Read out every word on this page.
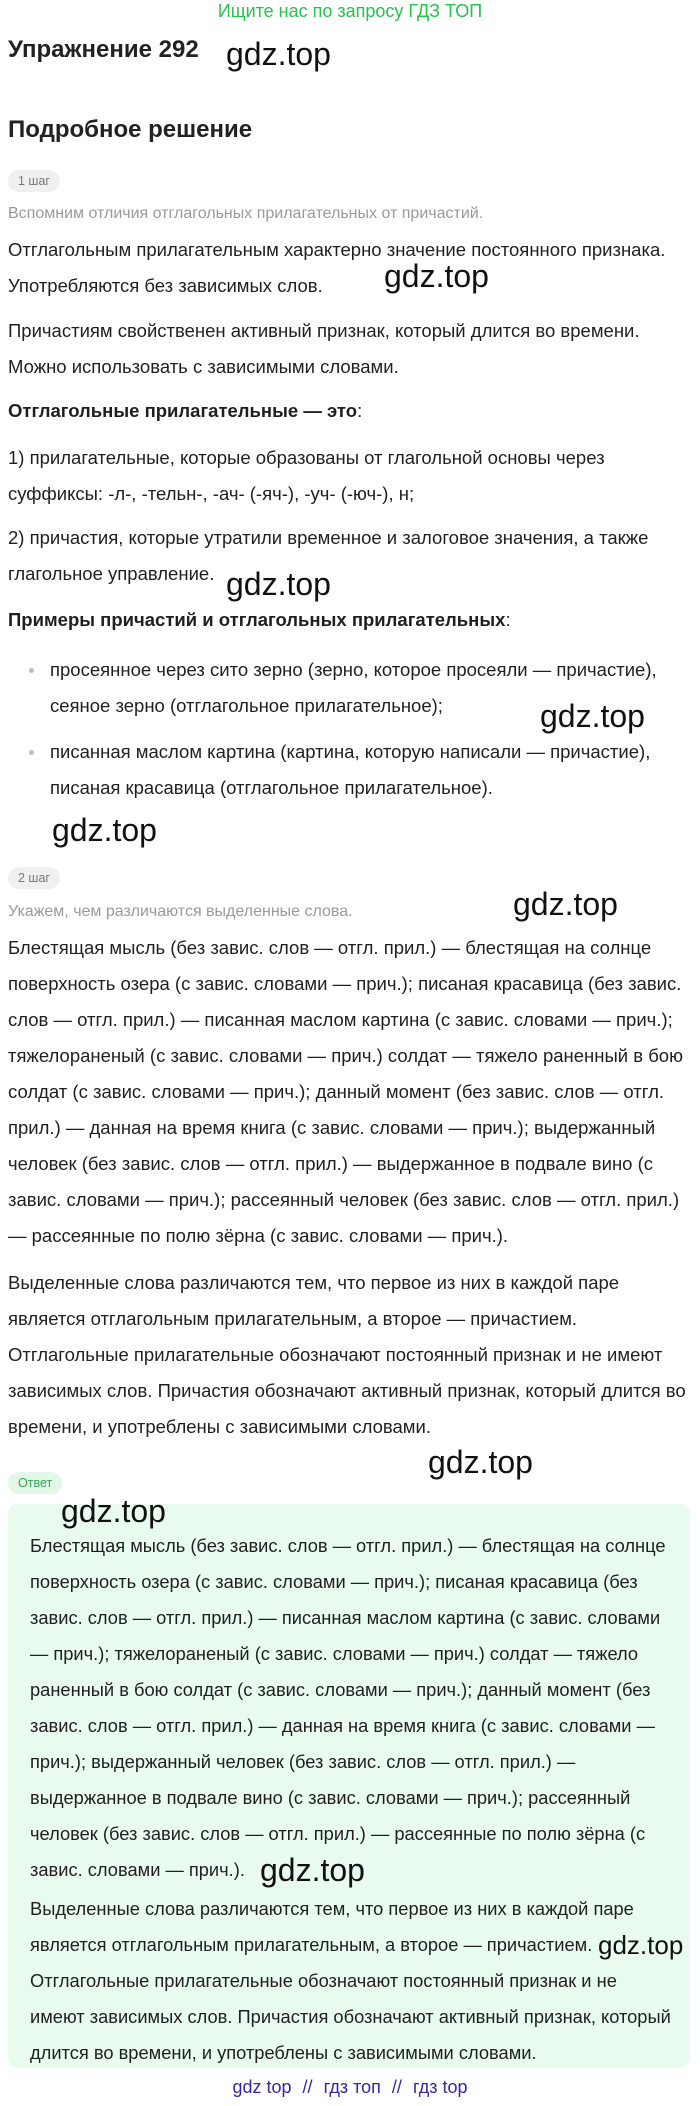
Ищите нас по запросу ГДЗ ТОП
Упражнение 292 gdz.top
Подробное решение
1 шаг
Вспомним отличия отглагольных прилагательных от причастий.
Отглагольным прилагательным характерно значение постоянного признака. Употребляются без зависимых слов.	gdz.top
Причастиям свойственен активный признак, который длится во времени. Можно использовать с зависимыми словами.
Отглагольные прилагательные — это:
1) прилагательные, которые образованы от глагольной основы через суффиксы: -л-, -тельн-, -ач- (-яч-), -уч- (-юч-), н;
2) причастия, которые утратили временное и залоговое значения, а также глагольное управление. gdz.top
Примеры причастий и отглагольных прилагательных:
просеянное через сито зерно (зерно, которое просеяли — причастие), сеяное зерно (отглагольное прилагательное);
писанная маслом картина (картина, которую написали — причастие), писаная красавица (отглагольное прилагательное).
gdz.top
gdz.top
2 шаг
gdz.top
Укажем, чем различаются выделенные слова.
Блестящая мысль (без завис. слов — отгл. прил.) — блестящая на солнце поверхность озера (с завис. словами — прич.); писаная красавица (без завис. слов — отгл. прил.) — писанная маслом картина (с завис. словами — прич.); тяжелораненый (с завис. словами — прич.) солдат — тяжело раненный в бою солдат (с завис. словами — прич.); данный момент (без завис. слов — отгл. прил.) — данная на время книга (с завис. словами — прич.); выдержанный человек (без завис. слов — отгл. прил.) — выдержанное в подвале вино (с завис. словами — прич.); рассеянный человек (без завис. слов — отгл. прил.) — рассеянные по полю зёрна (с завис. словами — прич.).
Выделенные слова различаются тем, что первое из них в каждой паре является отглагольным прилагательным, а второе — причастием. Отглагольные прилагательные обозначают постоянный признак и не имеют зависимых слов. Причастия обозначают активный признак, который длится во времени, и употреблены с зависимыми словами.
gdz.top
Ответ
gdz.top
Блестящая мысль (без завис. слов — отгл. прил.) — блестящая на солнце поверхность озера (с завис. словами — прич.); писаная красавица (без завис. слов — отгл. прил.) — писанная маслом картина (с завис. словами — прич.); тяжелораненый (с завис. словами — прич.) солдат — тяжело раненный в бою солдат (с завис. словами — прич.); данный момент (без завис. слов — отгл. прил.) — данная на время книга (с завис. словами — прич.); выдержанный человек (без завис. слов — отгл. прил.) — выдержанное в подвале вино (с завис. словами — прич.); рассеянный человек (без завис. слов — отгл. прил.) — рассеянные по полю зёрна (с завис. словами — прич.). gdz.top
Выделенные слова различаются тем, что первое из них в каждой паре является отглагольным прилагательным, а второе — причастием. Отглагольные прилагательные обозначают постоянный признак и не имеют зависимых слов. Причастия обозначают активный признак, который длится во времени, и употреблены с зависимыми словами.
gdz.top
gdz top // гдз топ // гдз top
